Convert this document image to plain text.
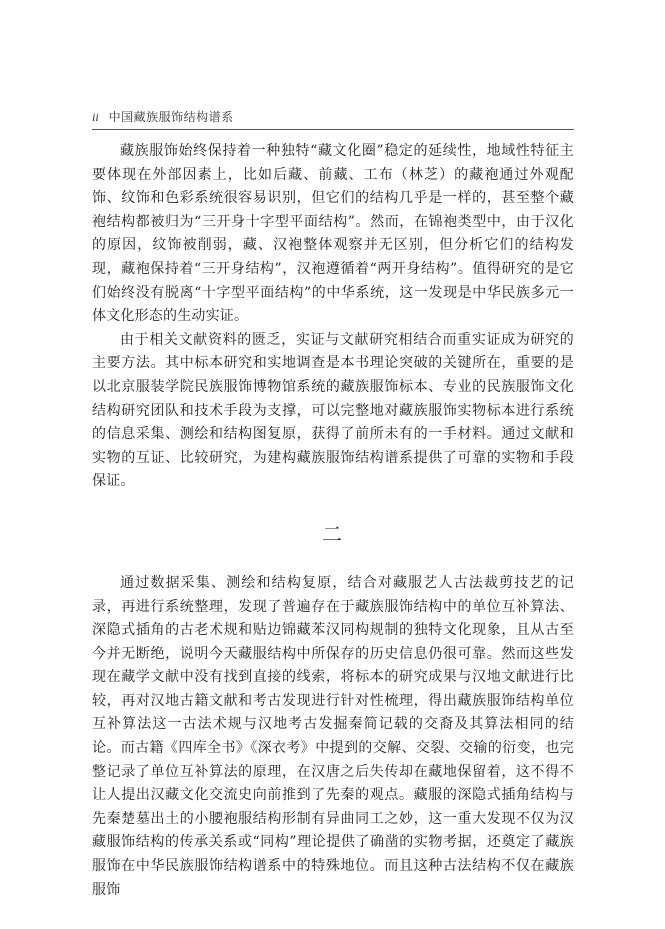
ii 中国藏族服饰结构谱系

藏族服饰始终保持着一种独特“藏文化圈”稳定的延续性，地域性特征主要体现在外部因素上，比如后藏、前藏、工布（林芝）的藏袍通过外观配饰、纹饰和色彩系统很容易识别，但它们的结构几乎是一样的，甚至整个藏袍结构都被归为“三开身十字型平面结构”。然而，在锦袍类型中，由于汉化的原因，纹饰被削弱，藏、汉袍整体观察并无区别，但分析它们的结构发现，藏袍保持着“三开身结构”，汉袍遵循着“两开身结构”。值得研究的是它们始终没有脱离“十字型平面结构”的中华系统，这一发现是中华民族多元一体文化形态的生动实证。

由于相关文献资料的匮乏，实证与文献研究相结合而重实证成为研究的主要方法。其中标本研究和实地调查是本书理论突破的关键所在，重要的是以北京服装学院民族服饰博物馆系统的藏族服饰标本、专业的民族服饰文化结构研究团队和技术手段为支撑，可以完整地对藏族服饰实物标本进行系统的信息采集、测绘和结构图复原，获得了前所未有的一手材料。通过文献和实物的互证、比较研究，为建构藏族服饰结构谱系提供了可靠的实物和手段保证。

二

通过数据采集、测绘和结构复原，结合对藏服艺人古法裁剪技艺的记录，再进行系统整理，发现了普遍存在于藏族服饰结构中的单位互补算法、深隐式插角的古老术规和贴边锦藏苯汉同构规制的独特文化现象，且从古至今并无断绝，说明今天藏服结构中所保存的历史信息仍很可靠。然而这些发现在藏学文献中没有找到直接的线索，将标本的研究成果与汉地文献进行比较，再对汉地古籍文献和考古发现进行针对性梳理，得出藏族服饰结构单位互补算法这一古法术规与汉地考古发掘秦简记载的交裔及其算法相同的结论。而古籍《四库全书》《深衣考》中提到的交解、交裂、交输的衍变，也完整记录了单位互补算法的原理，在汉唐之后失传却在藏地保留着，这不得不让人提出汉藏文化交流史向前推到了先秦的观点。藏服的深隐式插角结构与先秦楚墓出土的小腰袍服结构形制有异曲同工之妙，这一重大发现不仅为汉藏服饰结构的传承关系或“同构”理论提供了确凿的实物考据，还奠定了藏族服饰在中华民族服饰结构谱系中的特殊地位。而且这种古法结构不仅在藏族服饰
